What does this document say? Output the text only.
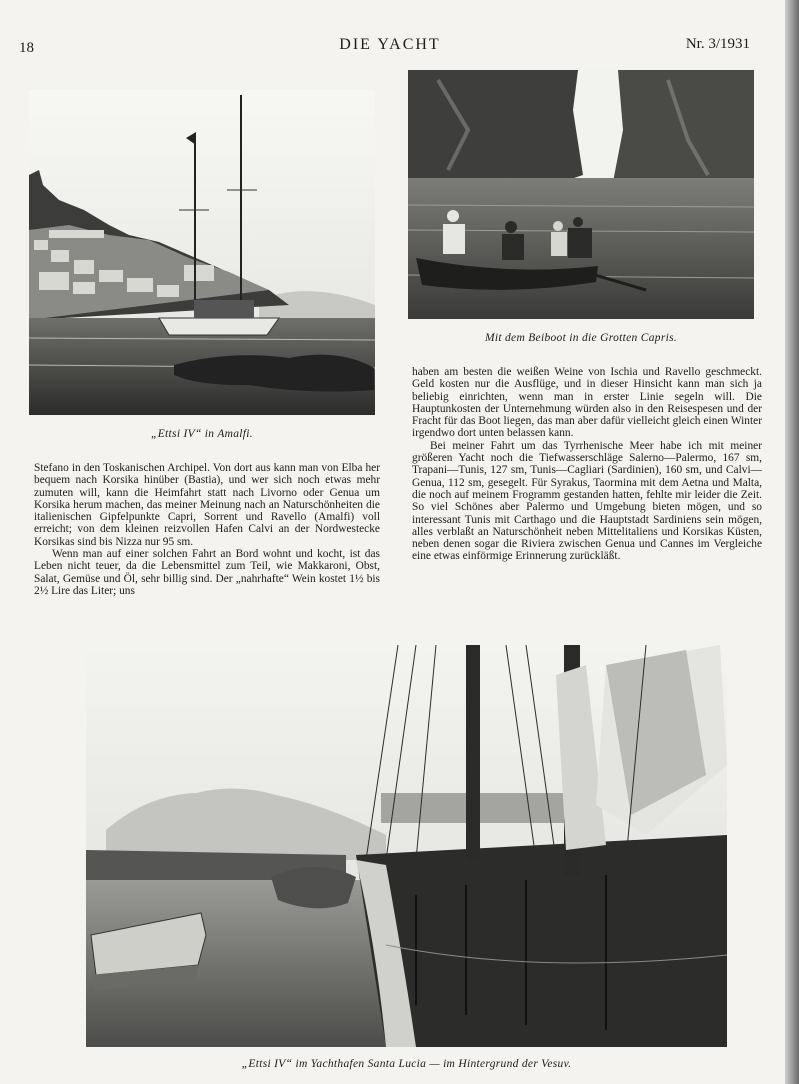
18	DIE YACHT	Nr. 3/1931
„Ettsi IV“ in Amalfi.
Mit dem Beiboot in die Grotten Capris.

Stefano in den Toskanischen Archipel. Von dort aus kann man von Elba her bequem nach Korsika hinüber (Bastia), und wer sich noch etwas mehr zumuten will, kann die Heimfahrt statt nach Livorno oder Genua um Korsika herum machen, das meiner Meinung nach an Naturschönheiten die italienischen Gipfelpunkte Capri, Sorrent und Ravello (Amalfi) voll erreicht; von dem kleinen reizvollen Hafen Calvi an der Nordwestecke Korsikas sind bis Nizza nur 95 sm.

Wenn man auf einer solchen Fahrt an Bord wohnt und kocht, ist das Leben nicht teuer, da die Lebensmittel zum Teil, wie Makkaroni, Obst, Salat, Gemüse und Öl, sehr billig sind. Der „nahrhafte“ Wein kostet 1½ bis 2½ Lire das Liter; uns

haben am besten die weißen Weine von Ischia und Ravello geschmeckt. Geld kosten nur die Ausflüge, und in dieser Hinsicht kann man sich ja beliebig einrichten, wenn man in erster Linie segeln will. Die Hauptunkosten der Unternehmung würden also in den Reisespesen und der Fracht für das Boot liegen, das man aber dafür vielleicht gleich einen Winter irgendwo dort unten belassen kann.

Bei meiner Fahrt um das Tyrrhenische Meer habe ich mit meiner größeren Yacht noch die Tiefwasserschläge Salerno—Palermo, 167 sm, Trapani—Tunis, 127 sm, Tunis—Cagliari (Sardinien), 160 sm, und Calvi—Genua, 112 sm, gesegelt. Für Syrakus, Taormina mit dem Aetna und Malta, die noch auf meinem Frogramm gestanden hatten, fehlte mir leider die Zeit. So viel Schönes aber Palermo und Umgebung bieten mögen, und so interessant Tunis mit Carthago und die Hauptstadt Sardiniens sein mögen, alles verblaßt an Naturschönheit neben Mittelitaliens und Korsikas Küsten, neben denen sogar die Riviera zwischen Genua und Cannes im Vergleiche eine etwas einförmige Erinnerung zurückläßt.

„Ettsi IV“ im Yachthafen Santa Lucia — im Hintergrund der Vesuv.
